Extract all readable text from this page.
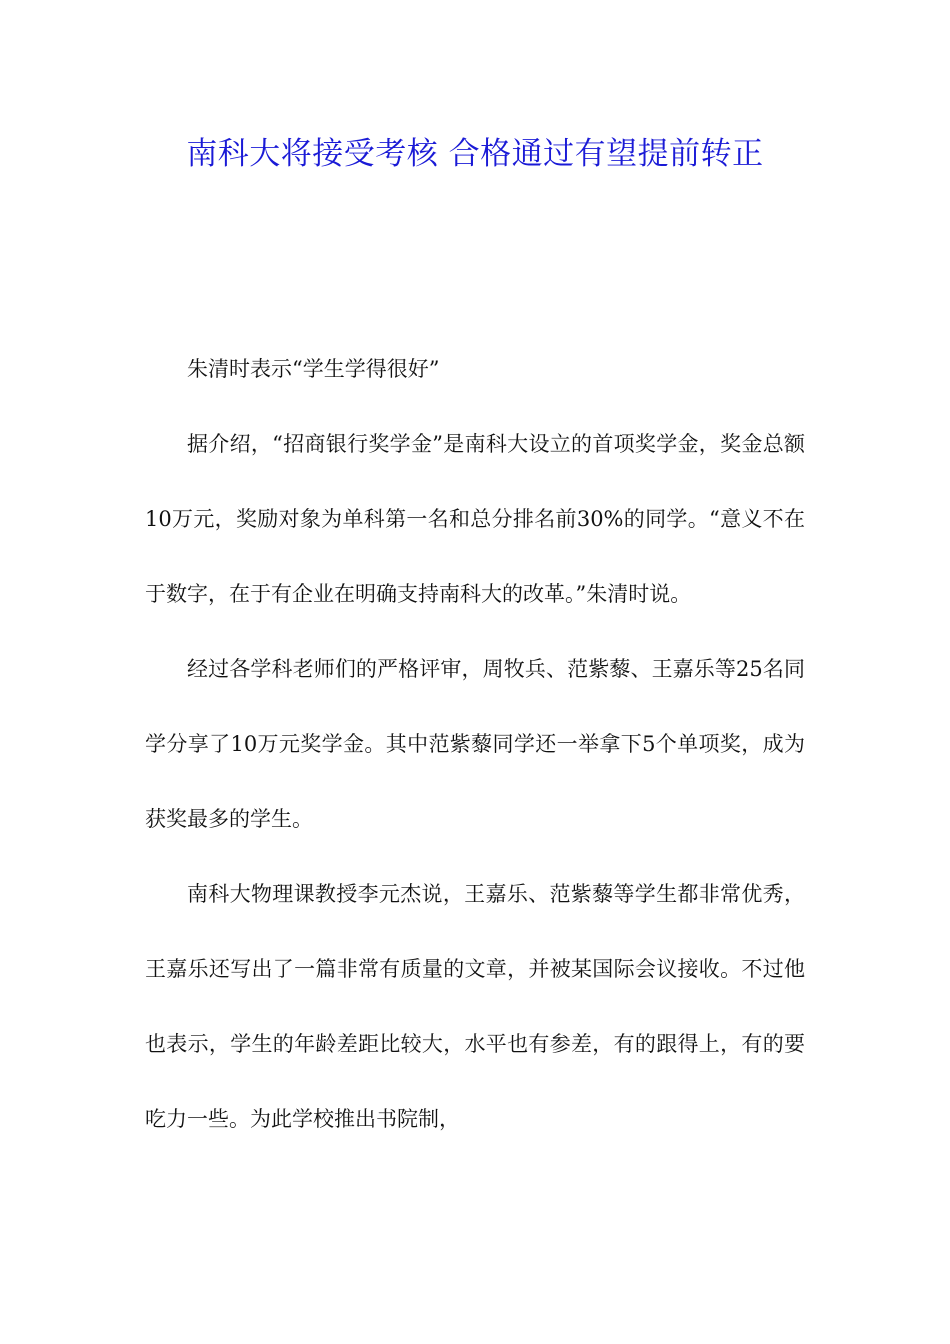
南科大将接受考核 合格通过有望提前转正

朱清时表示“学生学得很好”

据介绍，“招商银行奖学金”是南科大设立的首项奖学金，奖金总额10万元，奖励对象为单科第一名和总分排名前30%的同学。“意义不在于数字，在于有企业在明确支持南科大的改革。”朱清时说。

经过各学科老师们的严格评审，周牧兵、范紫藜、王嘉乐等25名同学分享了10万元奖学金。其中范紫藜同学还一举拿下5个单项奖，成为获奖最多的学生。

南科大物理课教授李元杰说，王嘉乐、范紫藜等学生都非常优秀，王嘉乐还写出了一篇非常有质量的文章，并被某国际会议接收。不过他也表示，学生的年龄差距比较大，水平也有参差，有的跟得上，有的要吃力一些。为此学校推出书院制，
